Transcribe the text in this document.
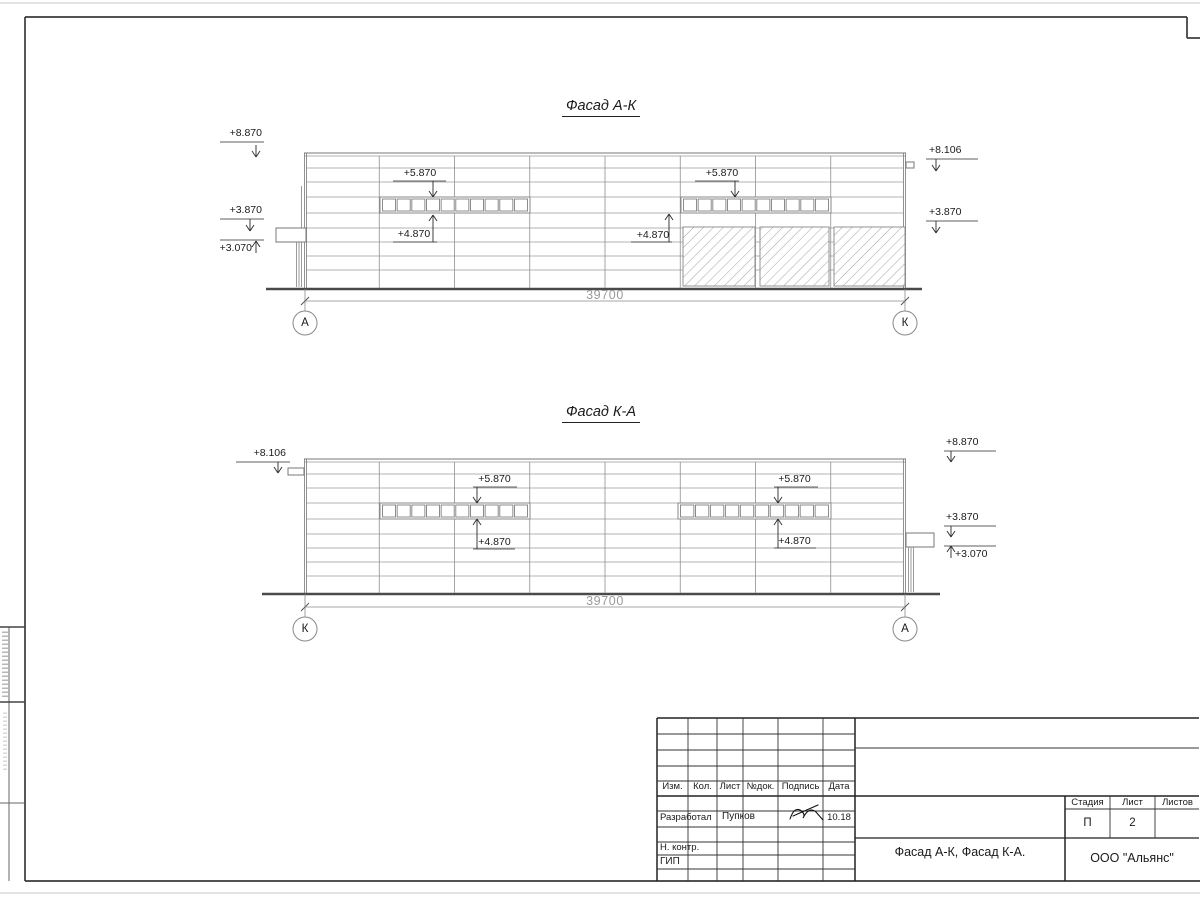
Фасад А-К
+8.870
+3.870
+3.070
+8.106
+3.870
+5.870
+4.870
+5.870
+4.870
39700
А	К
Фасад К-А
+8.106
+8.870
+3.870
+3.070
+5.870
+4.870
+5.870
+4.870
39700
К	А
Изм.	Кол. Лист №док. Подпись Дата
Разработал	Пупков	10.18
Н. контр.
ГИП
Фасад А-К, Фасад К-А.
Стадия	Лист	Листов
П	2
ООО "Альянс"
